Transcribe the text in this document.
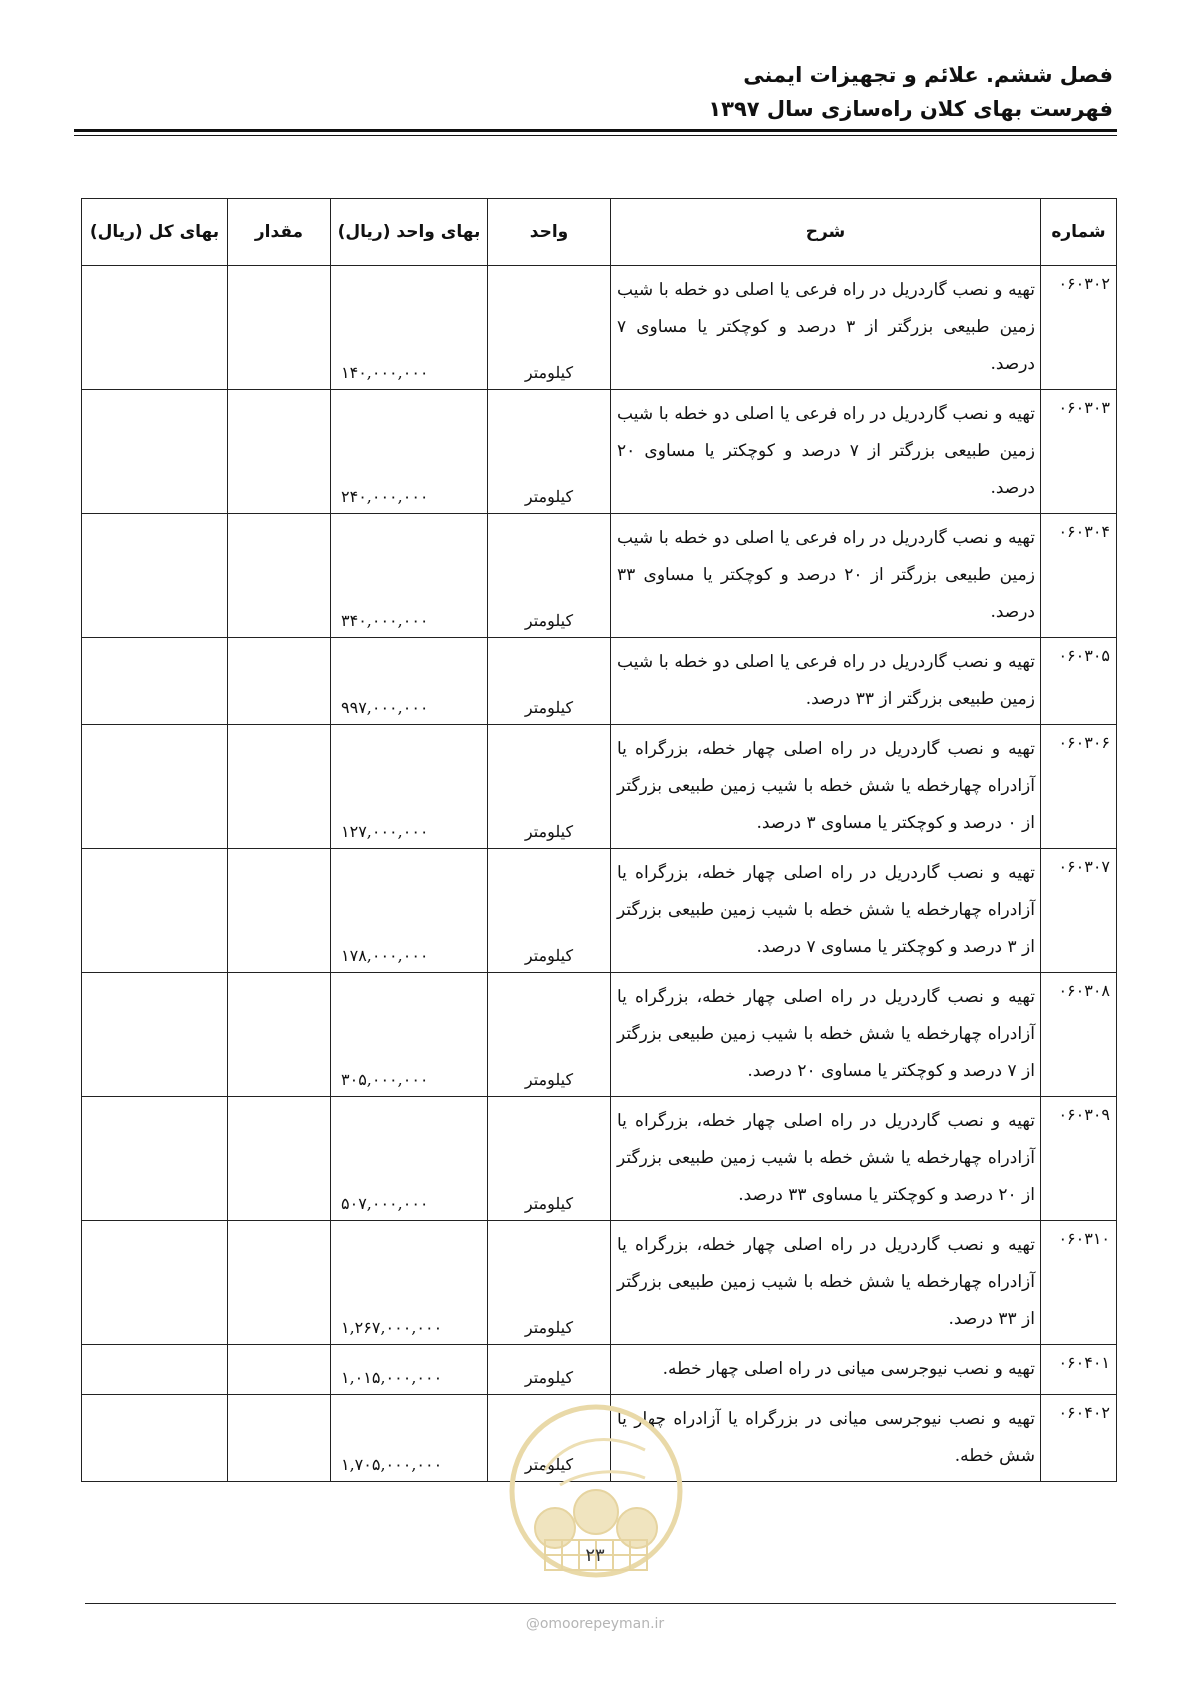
فصل ششم. علائم و تجهیزات ایمنی
فهرست بهای کلان راه‌سازی سال ۱۳۹۷
شماره	شرح	واحد	بهای واحد (ریال)	مقدار	بهای کل (ریال)
۰۶۰۳۰۲	تهیه و نصب گاردریل در راه فرعی یا اصلی دو خطه با شیب زمین طبیعی بزرگتر از ۳ درصد و کوچکتر یا مساوی ۷ درصد.	کیلومتر	۱۴۰,۰۰۰,۰۰۰		
۰۶۰۳۰۳	تهیه و نصب گاردریل در راه فرعی یا اصلی دو خطه با شیب زمین طبیعی بزرگتر از ۷ درصد و کوچکتر یا مساوی ۲۰ درصد.	کیلومتر	۲۴۰,۰۰۰,۰۰۰		
۰۶۰۳۰۴	تهیه و نصب گاردریل در راه فرعی یا اصلی دو خطه با شیب زمین طبیعی بزرگتر از ۲۰ درصد و کوچکتر یا مساوی ۳۳ درصد.	کیلومتر	۳۴۰,۰۰۰,۰۰۰		
۰۶۰۳۰۵	تهیه و نصب گاردریل در راه فرعی یا اصلی دو خطه با شیب زمین طبیعی بزرگتر از ۳۳ درصد.	کیلومتر	۹۹۷,۰۰۰,۰۰۰		
۰۶۰۳۰۶	تهیه و نصب گاردریل در راه اصلی چهار خطه، بزرگراه یا آزادراه چهارخطه یا شش خطه با شیب زمین طبیعی بزرگتر از ۰ درصد و کوچکتر یا مساوی ۳ درصد.	کیلومتر	۱۲۷,۰۰۰,۰۰۰		
۰۶۰۳۰۷	تهیه و نصب گاردریل در راه اصلی چهار خطه، بزرگراه یا آزادراه چهارخطه یا شش خطه با شیب زمین طبیعی بزرگتر از ۳ درصد و کوچکتر یا مساوی ۷ درصد.	کیلومتر	۱۷۸,۰۰۰,۰۰۰		
۰۶۰۳۰۸	تهیه و نصب گاردریل در راه اصلی چهار خطه، بزرگراه یا آزادراه چهارخطه یا شش خطه با شیب زمین طبیعی بزرگتر از ۷ درصد و کوچکتر یا مساوی ۲۰ درصد.	کیلومتر	۳۰۵,۰۰۰,۰۰۰		
۰۶۰۳۰۹	تهیه و نصب گاردریل در راه اصلی چهار خطه، بزرگراه یا آزادراه چهارخطه یا شش خطه با شیب زمین طبیعی بزرگتر از ۲۰ درصد و کوچکتر یا مساوی ۳۳ درصد.	کیلومتر	۵۰۷,۰۰۰,۰۰۰		
۰۶۰۳۱۰	تهیه و نصب گاردریل در راه اصلی چهار خطه، بزرگراه یا آزادراه چهارخطه یا شش خطه با شیب زمین طبیعی بزرگتر از ۳۳ درصد.	کیلومتر	۱,۲۶۷,۰۰۰,۰۰۰		
۰۶۰۴۰۱	تهیه و نصب نیوجرسی میانی در راه اصلی چهار خطه.	کیلومتر	۱,۰۱۵,۰۰۰,۰۰۰		
۰۶۰۴۰۲	تهیه و نصب نیوجرسی میانی در بزرگراه یا آزادراه چهار یا شش خطه.	کیلومتر	۱,۷۰۵,۰۰۰,۰۰۰		
۲۳
@omoorepeyman.ir
